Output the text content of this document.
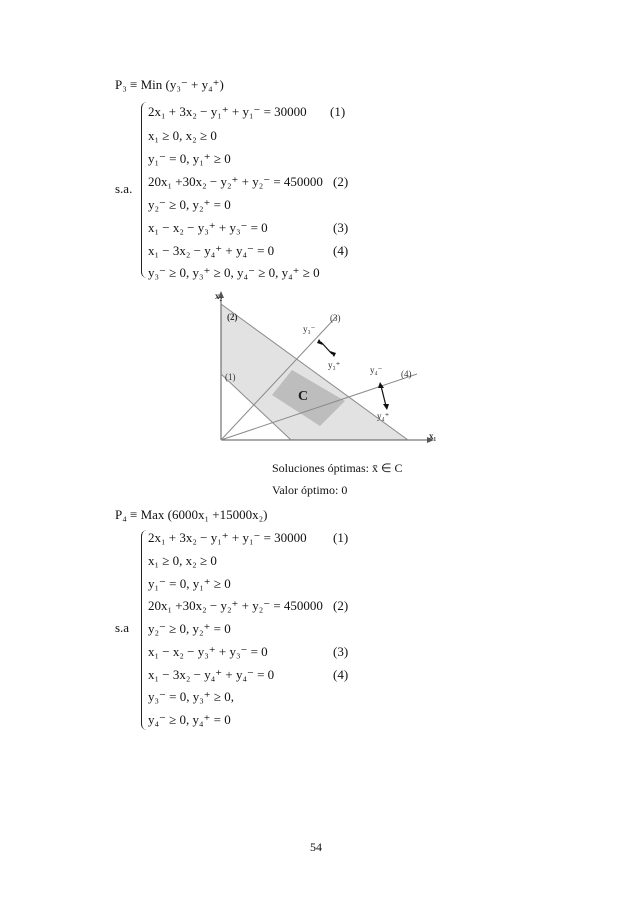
P₃ ≡ Min (y₃⁻ + y₄⁺)
s.a.
2x₁ + 3x₂ − y₁⁺ + y₁⁻ = 30000 (1)
x₁ ≥ 0, x₂ ≥ 0
y₁⁻ = 0, y₁⁺ ≥ 0
20x₁ +30x₂ − y₂⁺ + y₂⁻ = 450000 (2)
y₂⁻ ≥ 0, y₂⁺ = 0
x₁ − x₂ − y₃⁺ + y₃⁻ = 0	(3)
x₁ − 3x₂ − y₄⁺ + y₄⁻ = 0	(4)
y₃⁻ ≥ 0, y₃⁺ ≥ 0, y₄⁻ ≥ 0, y₄⁺ ≥ 0
x₂
x₁
(2)
(1)
(3)
(4)
C
y₃⁻
y₃⁺	y₄⁻
y₄⁺
Soluciones óptimas: x̄ ∈ C
Valor óptimo: 0
P₄ ≡ Max (6000x₁ +15000x₂)
s.a
2x₁ + 3x₂ − y₁⁺ + y₁⁻ = 30000 (1)
x₁ ≥ 0, x₂ ≥ 0
y₁⁻ = 0, y₁⁺ ≥ 0
20x₁ +30x₂ − y₂⁺ + y₂⁻ = 450000 (2)
y₂⁻ ≥ 0, y₂⁺ = 0
x₁ − x₂ − y₃⁺ + y₃⁻ = 0	(3)
x₁ − 3x₂ − y₄⁺ + y₄⁻ = 0	(4)
y₃⁻ = 0, y₃⁺ ≥ 0,
y₄⁻ ≥ 0, y₄⁺ = 0
54
